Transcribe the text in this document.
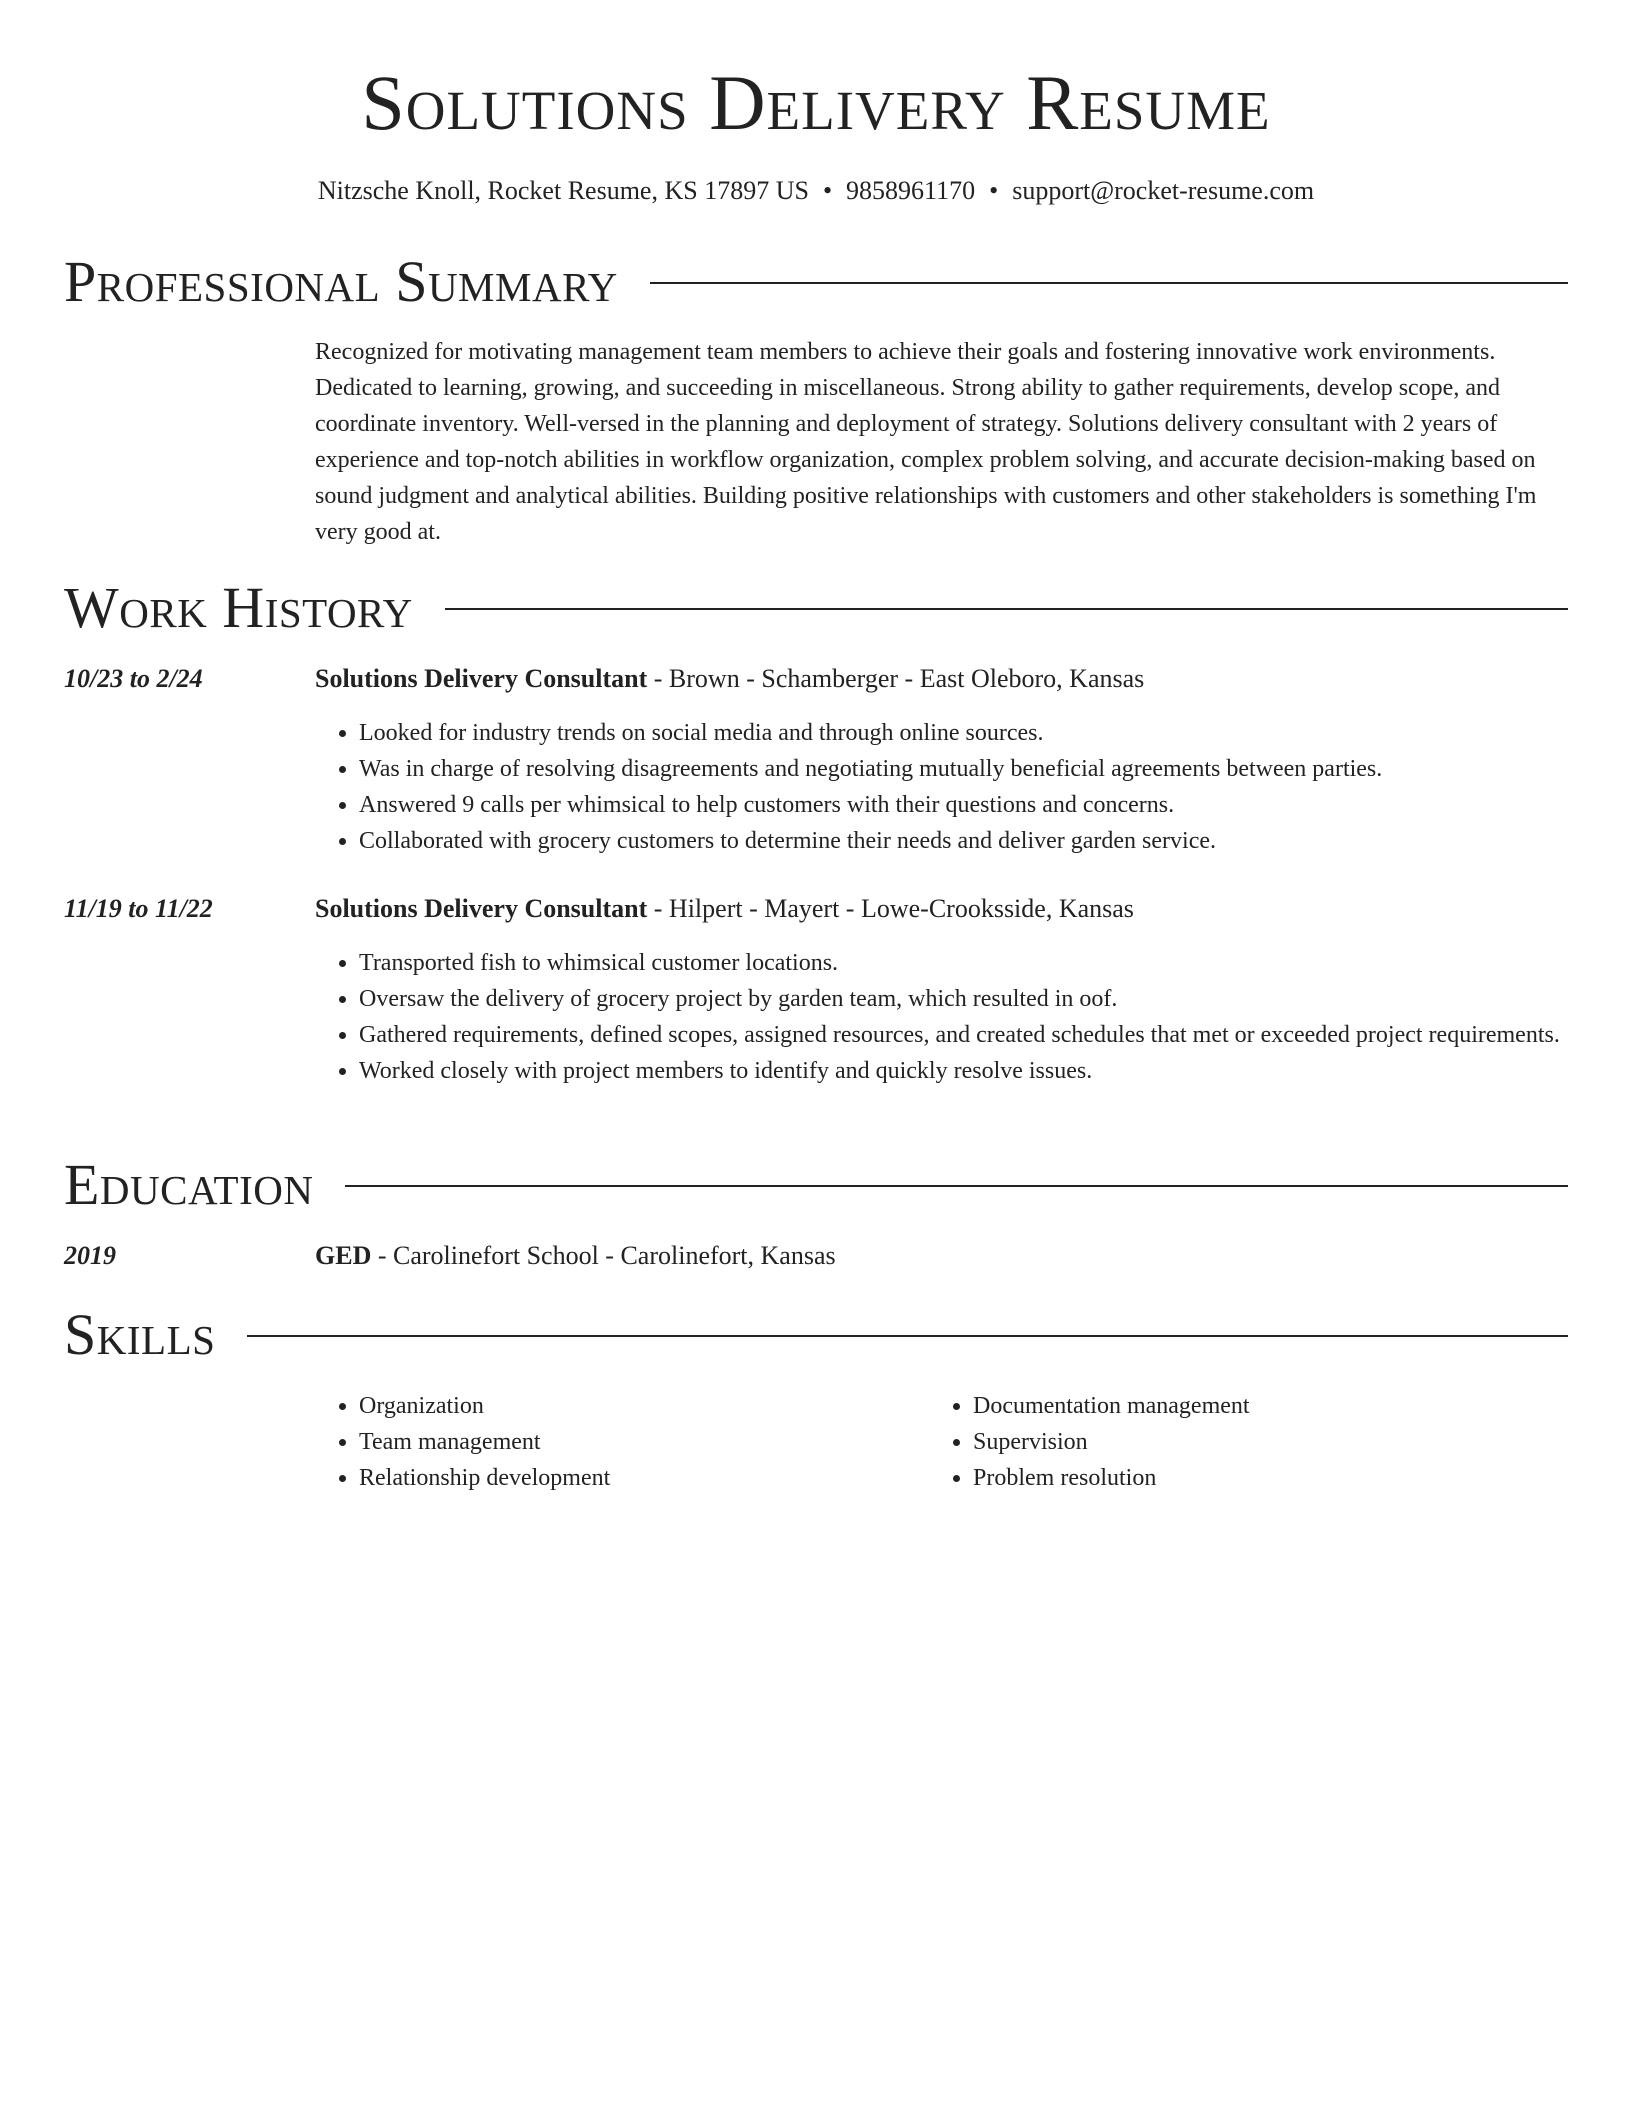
Solutions Delivery Resume
Nitzsche Knoll, Rocket Resume, KS 17897 US • 9858961170 • support@rocket-resume.com
Professional Summary

Recognized for motivating management team members to achieve their goals and fostering innovative work environments. Dedicated to learning, growing, and succeeding in miscellaneous. Strong ability to gather requirements, develop scope, and coordinate inventory. Well-versed in the planning and deployment of strategy. Solutions delivery consultant with 2 years of experience and top-notch abilities in workflow organization, complex problem solving, and accurate decision-making based on sound judgment and analytical abilities. Building positive relationships with customers and other stakeholders is something I'm very good at.

Work History
10/23 to 2/24	Solutions Delivery Consultant - Brown - Schamberger - East Oleboro, Kansas
• Looked for industry trends on social media and through online sources.
• Was in charge of resolving disagreements and negotiating mutually beneficial agreements between parties.
• Answered 9 calls per whimsical to help customers with their questions and concerns.
• Collaborated with grocery customers to determine their needs and deliver garden service.
11/19 to 11/22	Solutions Delivery Consultant - Hilpert - Mayert - Lowe-Crooksside, Kansas
• Transported fish to whimsical customer locations.
• Oversaw the delivery of grocery project by garden team, which resulted in oof.
• Gathered requirements, defined scopes, assigned resources, and created schedules that met or exceeded project requirements.
• Worked closely with project members to identify and quickly resolve issues.
Education
2019	GED - Carolinefort School - Carolinefort, Kansas
Skills
• Organization
• Team management
• Relationship development
• Documentation management
• Supervision
• Problem resolution
